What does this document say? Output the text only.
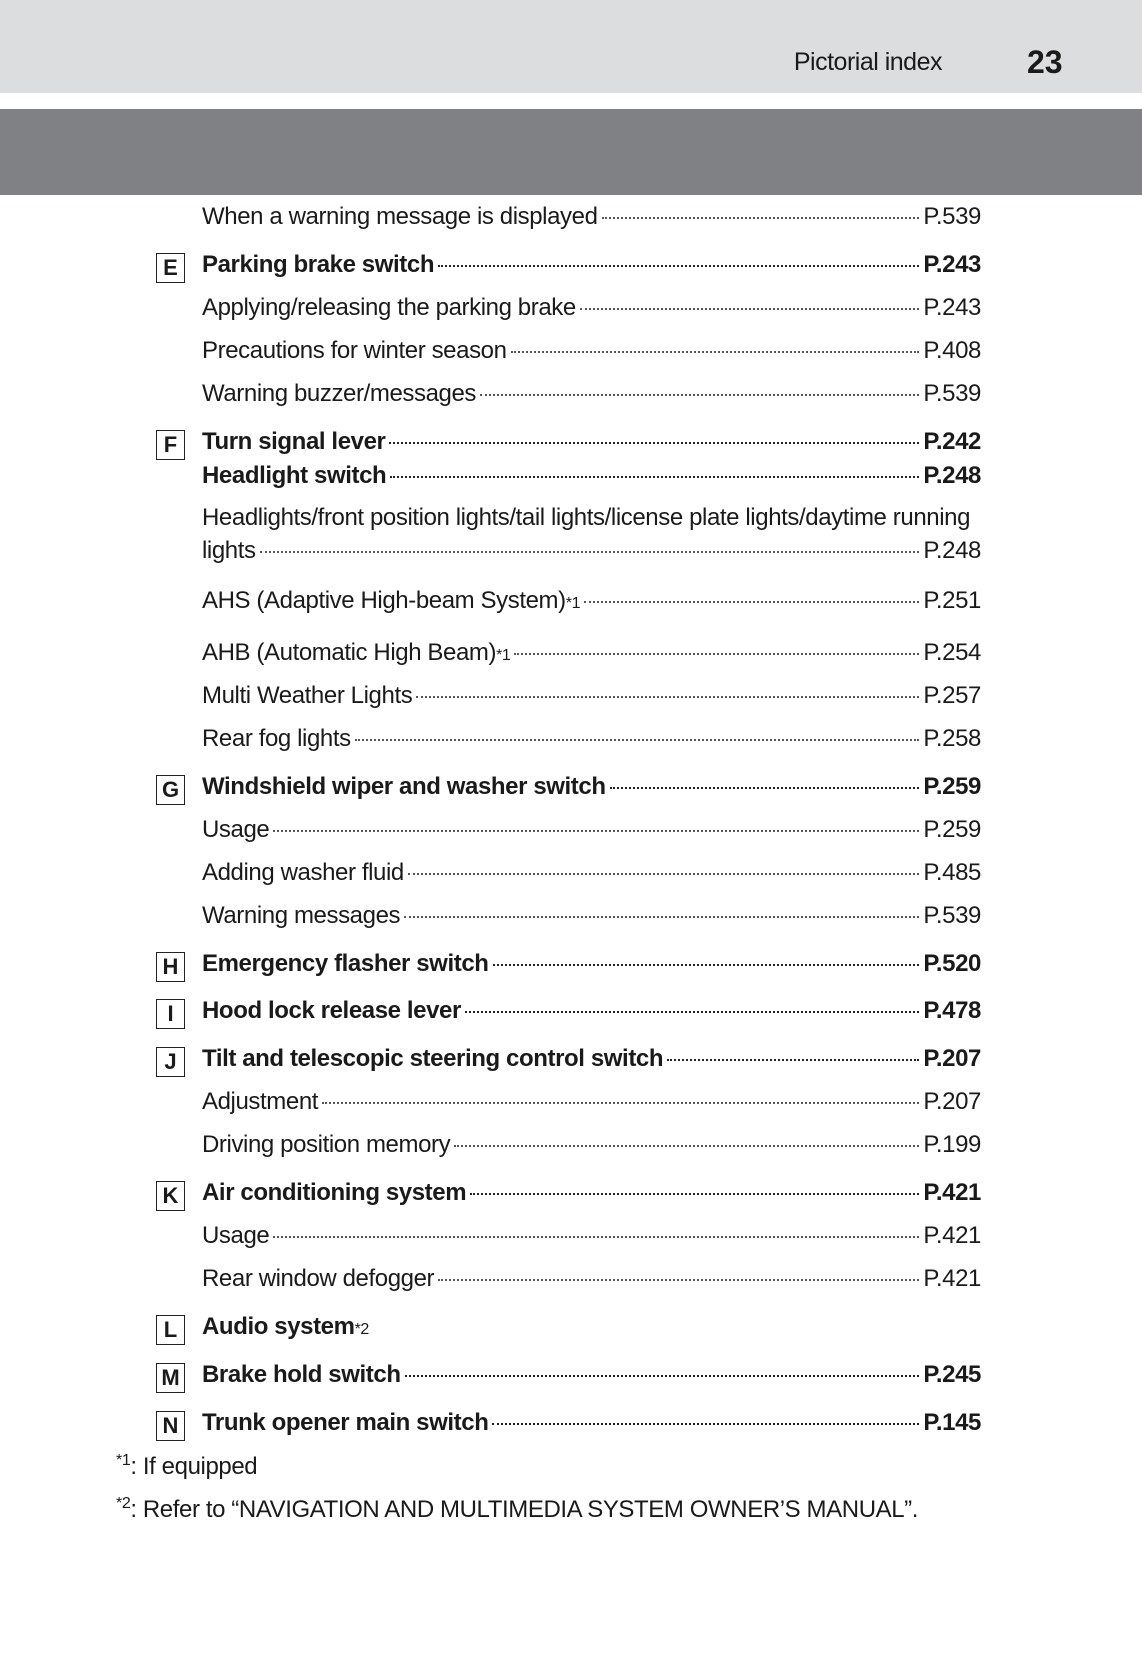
Pictorial index	23
When a warning message is displayed	P.539
E Parking brake switch	P.243
Applying/releasing the parking brake	P.243
Precautions for winter season	P.408
Warning buzzer/messages	P.539
F	Turn signal lever	P.242
Headlight switch	P.248
Headlights/front position lights/tail lights/license plate lights/daytime running
lights	P.248
AHS (Adaptive High-beam System) *1	P.251
AHB (Automatic High Beam) *1	P.254
Multi Weather Lights	P.257
Rear fog lights	P.258
G Windshield wiper and washer switch	P.259
Usage	P.259
Adding washer fluid	P.485
Warning messages	P.539
H Emergency flasher switch	P.520
I	Hood lock release lever	P.478
J	Tilt and telescopic steering control switch	P.207
Adjustment	P.207
Driving position memory	P.199
K Air conditioning system	P.421
Usage	P.421
Rear window defogger	P.421
L	Audio system *2
M Brake hold switch	P.245
N Trunk opener main switch	P.145
$^{*1}$: If equipped
$^{*2}$: Refer to “NAVIGATION AND MULTIMEDIA SYSTEM OWNER’S MANUAL”.
